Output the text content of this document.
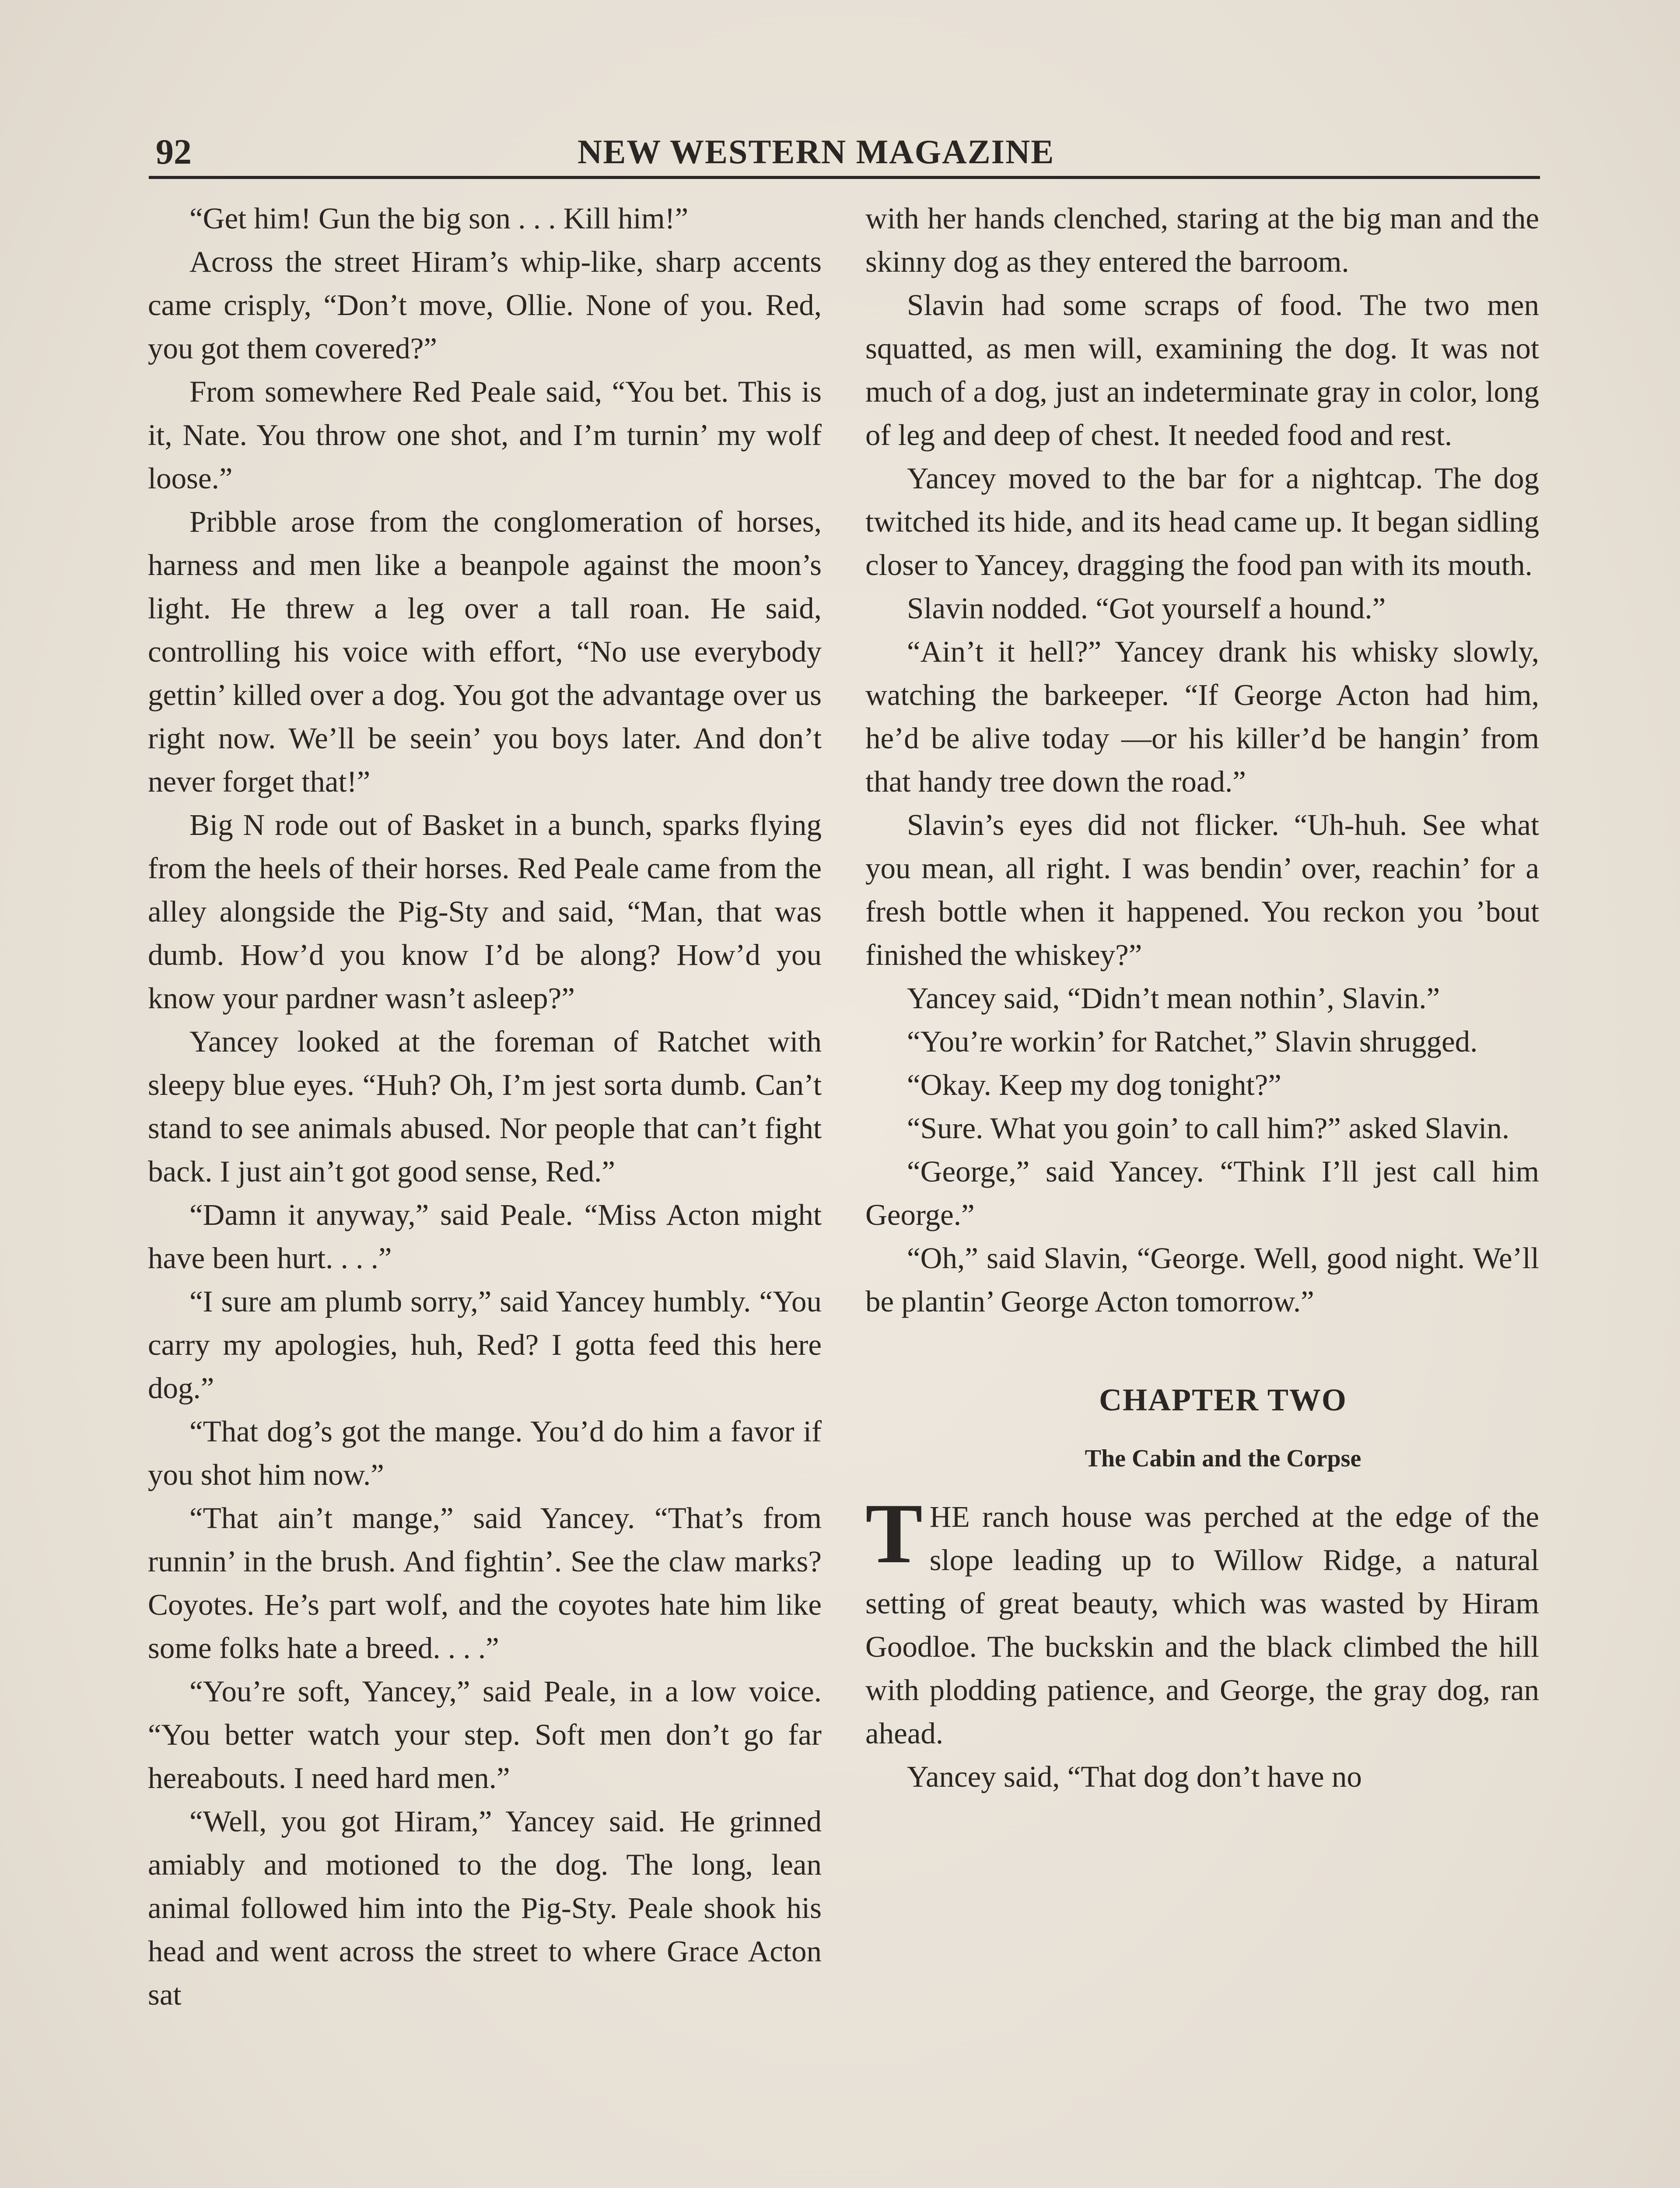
92	NEW WESTERN MAGAZINE

“Get him! Gun the big son . . . Kill him!”

Across the street Hiram’s whip-like, sharp accents came crisply, “Don’t move, Ollie. None of you. Red, you got them covered?”

From somewhere Red Peale said, “You bet. This is it, Nate. You throw one shot, and I’m turnin’ my wolf loose.”

Pribble arose from the conglomeration of horses, harness and men like a beanpole against the moon’s light. He threw a leg over a tall roan. He said, controlling his voice with effort, “No use everybody gettin’ killed over a dog. You got the advantage over us right now. We’ll be seein’ you boys later. And don’t never forget that!”

Big N rode out of Basket in a bunch, sparks flying from the heels of their horses. Red Peale came from the alley alongside the Pig-Sty and said, “Man, that was dumb. How’d you know I’d be along? How’d you know your pardner wasn’t asleep?”

Yancey looked at the foreman of Ratchet with sleepy blue eyes. “Huh? Oh, I’m jest sorta dumb. Can’t stand to see animals abused. Nor people that can’t fight back. I just ain’t got good sense, Red.”

“Damn it anyway,” said Peale. “Miss Acton might have been hurt. . . .”

“I sure am plumb sorry,” said Yancey humbly. “You carry my apologies, huh, Red? I gotta feed this here dog.”

“That dog’s got the mange. You’d do him a favor if you shot him now.”

“That ain’t mange,” said Yancey. “That’s from runnin’ in the brush. And fightin’. See the claw marks? Coyotes. He’s part wolf, and the coyotes hate him like some folks hate a breed. . . .”

“You’re soft, Yancey,” said Peale, in a low voice. “You better watch your step. Soft men don’t go far hereabouts. I need hard men.”

“Well, you got Hiram,” Yancey said. He grinned amiably and motioned to the dog. The long, lean animal followed him into the Pig-Sty. Peale shook his head and went across the street to where Grace Acton sat

with her hands clenched, staring at the big man and the skinny dog as they entered the barroom.

Slavin had some scraps of food. The two men squatted, as men will, examining the dog. It was not much of a dog, just an indeterminate gray in color, long of leg and deep of chest. It needed food and rest.

Yancey moved to the bar for a nightcap. The dog twitched its hide, and its head came up. It began sidling closer to Yancey, dragging the food pan with its mouth.

Slavin nodded. “Got yourself a hound.”

“Ain’t it hell?” Yancey drank his whisky slowly, watching the barkeeper. “If George Acton had him, he’d be alive today —or his killer’d be hangin’ from that handy tree down the road.”

Slavin’s eyes did not flicker. “Uh-huh. See what you mean, all right. I was bendin’ over, reachin’ for a fresh bottle when it happened. You reckon you ’bout finished the whiskey?”

Yancey said, “Didn’t mean nothin’, Slavin.”

“You’re workin’ for Ratchet,” Slavin shrugged.

“Okay. Keep my dog tonight?”

“Sure. What you goin’ to call him?” asked Slavin.

“George,” said Yancey. “Think I’ll jest call him George.”

“Oh,” said Slavin, “George. Well, good night. We’ll be plantin’ George Acton tomorrow.”

CHAPTER TWO

The Cabin and the Corpse

THE ranch house was perched at the edge of the slope leading up to Willow Ridge, a natural setting of great beauty, which was wasted by Hiram Goodloe. The buckskin and the black climbed the hill with plodding patience, and George, the gray dog, ran ahead.

Yancey said, “That dog don’t have no
